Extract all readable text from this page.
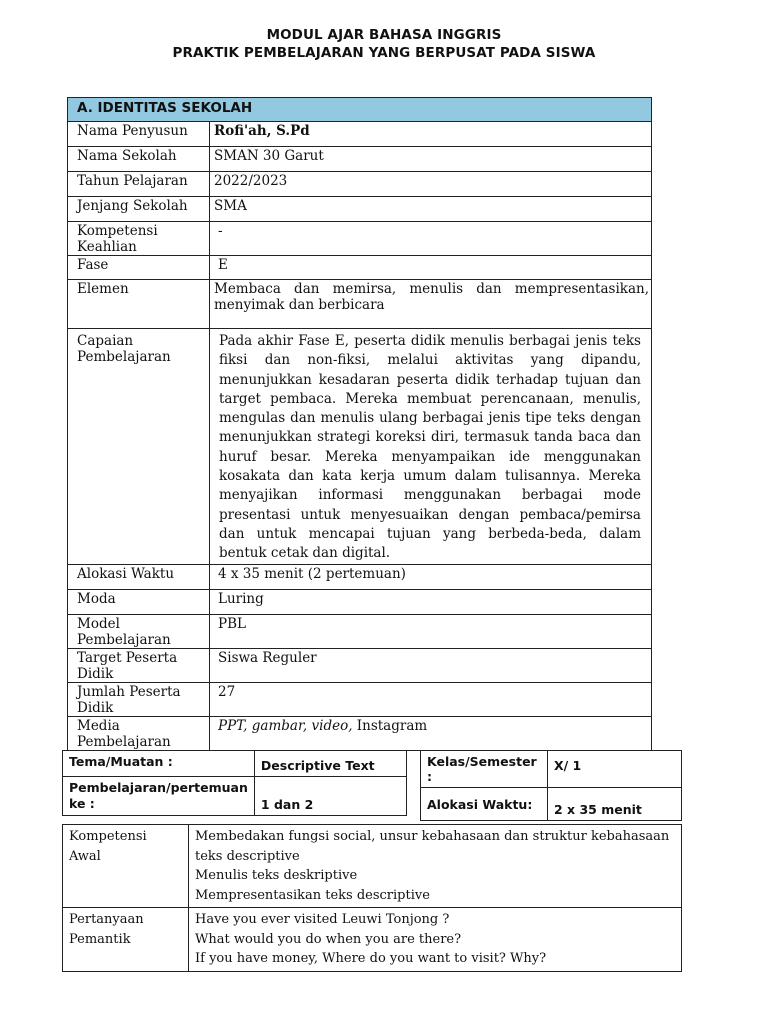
MODUL AJAR BAHASA INGGRIS
PRAKTIK PEMBELAJARAN YANG BERPUSAT PADA SISWA
A. IDENTITAS SEKOLAH	
Nama Penyusun	Rofi'ah, S.Pd
Nama Sekolah	SMAN 30 Garut
Tahun Pelajaran	2022/2023
Jenjang Sekolah	SMA
Kompetensi Keahlian	-
Fase	E
Elemen	Membaca dan memirsa, menulis dan mempresentasikan, menyimak dan berbicara
Capaian Pembelajaran	Pada akhir Fase E, peserta didik menulis berbagai jenis teks fiksi dan non-fiksi, melalui aktivitas yang dipandu, menunjukkan kesadaran peserta didik terhadap tujuan dan target pembaca. Mereka membuat perencanaan, menulis, mengulas dan menulis ulang berbagai jenis tipe teks dengan menunjukkan strategi koreksi diri, termasuk tanda baca dan huruf besar. Mereka menyampaikan ide menggunakan kosakata dan kata kerja umum dalam tulisannya. Mereka menyajikan informasi menggunakan berbagai mode presentasi untuk menyesuaikan dengan pembaca/pemirsa dan untuk mencapai tujuan yang berbeda-beda, dalam bentuk cetak dan digital.
Alokasi Waktu	4 x 35 menit (2 pertemuan)
Moda	Luring
Model Pembelajaran	PBL
Target Peserta Didik	Siswa Reguler
Jumlah Peserta Didik	27
Media Pembelajaran	PPT, gambar, video, Instagram
Tema/Muatan :	Descriptive Text
Pembelajaran/pertemuan ke :	1 dan 2
Kelas/Semester :	X/ 1
Alokasi Waktu:	2 x 35 menit
Kompetensi Awal	Membedakan fungsi social, unsur kebahasaan dan struktur kebahasaan teks descriptive
Menulis teks deskriptive
Mempresentasikan teks descriptive

Pertanyaan Pemantik	Have you ever visited Leuwi Tonjong ?
What would you do when you are there?
If you have money, Where do you want to visit? Why?
